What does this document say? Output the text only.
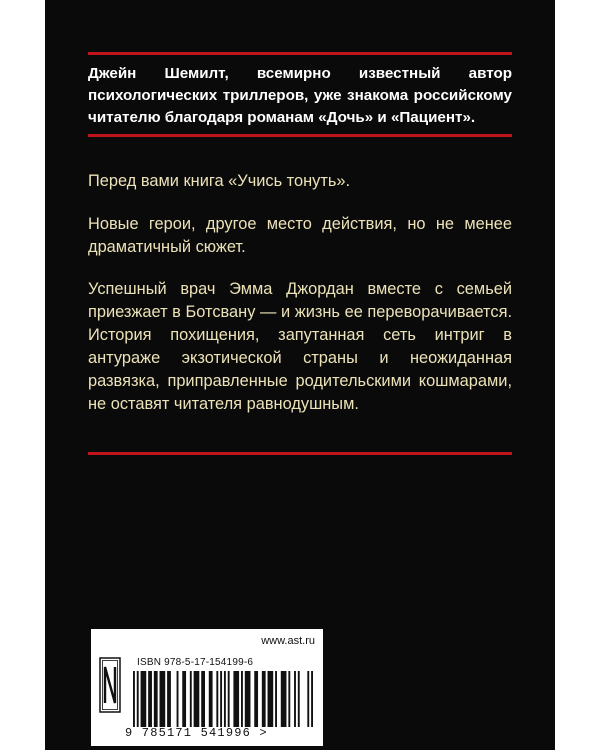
Джейн Шемилт, всемирно известный автор психологических триллеров, уже знакома российскому читателю благодаря романам «Дочь» и «Пациент».

Перед вами книга «Учись тонуть».

Новые герои, другое место действия, но не менее драматичный сюжет.

Успешный врач Эмма Джордан вместе с семьей приезжает в Ботсвану — и жизнь ее переворачивается. История похищения, запутанная сеть интриг в антураже экзотической страны и неожиданная развязка, приправленные родительскими кошмарами, не оставят читателя равнодушным.

www.ast.ru
ISBN 978-5-17-154199-6
9 785171 541996 >
